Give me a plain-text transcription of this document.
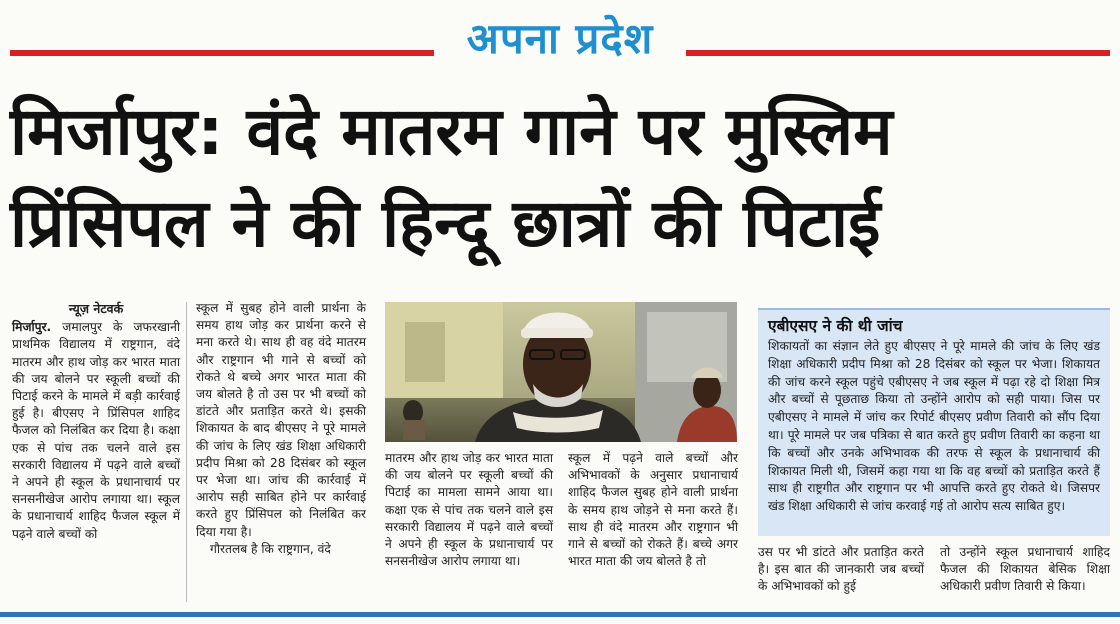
अपना प्रदेश
मिर्जापुर: वंदे मातरम गाने पर मुस्लिम
प्रिंसिपल ने की हिन्दू छात्रों की पिटाई
न्यूज़ नेटवर्क
मिर्जापुर. जमालपुर के जफरखानी प्राथमिक विद्यालय में राष्ट्रगान, वंदे मातरम और हाथ जोड़ कर भारत माता की जय बोलने पर स्कूली बच्चों की पिटाई करने के मामले में बड़ी कार्रवाई हुई है। बीएसए ने प्रिंसिपल शाहिद फैजल को निलंबित कर दिया है। कक्षा एक से पांच तक चलने वाले इस सरकारी विद्यालय में पढ़ने वाले बच्चों ने अपने ही स्कूल के प्रधानाचार्य पर सनसनीखेज आरोप लगाया था। स्कूल के प्रधानाचार्य शाहिद फैजल स्कूल में पढ़ने वाले बच्चों को
स्कूल में सुबह होने वाली प्रार्थना के समय हाथ जोड़ कर प्रार्थना करने से मना करते थे। साथ ही वह वंदे मातरम और राष्ट्रगान भी गाने से बच्चों को रोकते थे बच्चे अगर भारत माता की जय बोलते है तो उस पर भी बच्चों को डांटते और प्रताड़ित करते थे। इसकी शिकायत के बाद बीएसए ने पूरे मामले की जांच के लिए खंड शिक्षा अधिकारी प्रदीप मिश्रा को 28 दिसंबर को स्कूल पर भेजा था। जांच की कार्रवाई में आरोप सही साबित होने पर कार्रवाई करते हुए प्रिंसिपल को निलंबित कर दिया गया है।
गौरतलब है कि राष्ट्रगान, वंदे
मातरम और हाथ जोड़ कर भारत माता की जय बोलने पर स्कूली बच्चों की पिटाई का मामला सामने आया था। कक्षा एक से पांच तक चलने वाले इस सरकारी विद्यालय में पढ़ने वाले बच्चों ने अपने ही स्कूल के प्रधानाचार्य पर सनसनीखेज आरोप लगाया था।
स्कूल में पढ़ने वाले बच्चों और अभिभावकों के अनुसार प्रधानाचार्य शाहिद फैजल सुबह होने वाली प्रार्थना के समय हाथ जोड़ने से मना करते हैं। साथ ही वंदे मातरम और राष्ट्रगान भी गाने से बच्चों को रोकते हैं। बच्चे अगर भारत माता की जय बोलते है तो
एबीएसए ने की थी जांच
शिकायतों का संज्ञान लेते हुए बीएसए ने पूरे मामले की जांच के लिए खंड शिक्षा अधिकारी प्रदीप मिश्रा को 28 दिसंबर को स्कूल पर भेजा। शिकायत की जांच करने स्कूल पहुंचे एबीएसए ने जब स्कूल में पढ़ा रहे दो शिक्षा मित्र और बच्चों से पूछताछ किया तो उन्होंने आरोप को सही पाया। जिस पर एबीएसए ने मामले में जांच कर रिपोर्ट बीएसए प्रवीण तिवारी को सौंप दिया था। पूरे मामले पर जब पत्रिका से बात करते हुए प्रवीण तिवारी का कहना था कि बच्चों और उनके अभिभावक की तरफ से स्कूल के प्रधानाचार्य की शिकायत मिली थी, जिसमें कहा गया था कि वह बच्चों को प्रताड़ित करते हैं साथ ही राष्ट्रगीत और राष्ट्रगान पर भी आपत्ति करते हुए रोकते थे। जिसपर खंड शिक्षा अधिकारी से जांच करवाई गई तो आरोप सत्य साबित हुए।
उस पर भी डांटते और प्रताड़ित करते है। इस बात की जानकारी जब बच्चों के अभिभावकों को हुई
तो उन्होंने स्कूल प्रधानाचार्य शाहिद फैजल की शिकायत बेसिक शिक्षा अधिकारी प्रवीण तिवारी से किया।
